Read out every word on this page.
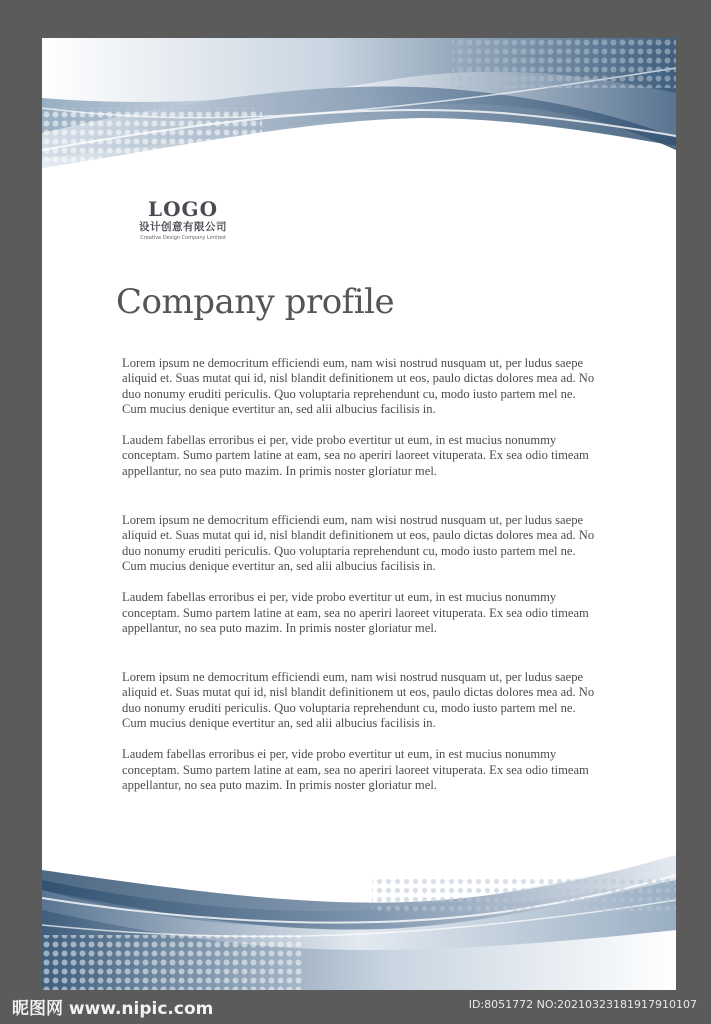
LOGO
设计创意有限公司
Creative Design Company Limited
Company profile

Lorem ipsum ne democritum efficiendi eum, nam wisi nostrud nusquam ut, per ludus saepe aliquid et. Suas mutat qui id, nisl blandit definitionem ut eos, paulo dictas dolores mea ad. No duo nonumy eruditi periculis. Quo voluptaria reprehendunt cu, modo iusto partem mel ne. Cum mucius denique evertitur an, sed alii albucius facilisis in.

Laudem fabellas erroribus ei per, vide probo evertitur ut eum, in est mucius nonummy conceptam. Sumo partem latine at eam, sea no aperiri laoreet vituperata. Ex sea odio timeam appellantur, no sea puto mazim. In primis noster gloriatur mel.

Lorem ipsum ne democritum efficiendi eum, nam wisi nostrud nusquam ut, per ludus saepe aliquid et. Suas mutat qui id, nisl blandit definitionem ut eos, paulo dictas dolores mea ad. No duo nonumy eruditi periculis. Quo voluptaria reprehendunt cu, modo iusto partem mel ne. Cum mucius denique evertitur an, sed alii albucius facilisis in.

Laudem fabellas erroribus ei per, vide probo evertitur ut eum, in est mucius nonummy conceptam. Sumo partem latine at eam, sea no aperiri laoreet vituperata. Ex sea odio timeam appellantur, no sea puto mazim. In primis noster gloriatur mel.

Lorem ipsum ne democritum efficiendi eum, nam wisi nostrud nusquam ut, per ludus saepe aliquid et. Suas mutat qui id, nisl blandit definitionem ut eos, paulo dictas dolores mea ad. No duo nonumy eruditi periculis. Quo voluptaria reprehendunt cu, modo iusto partem mel ne. Cum mucius denique evertitur an, sed alii albucius facilisis in.

Laudem fabellas erroribus ei per, vide probo evertitur ut eum, in est mucius nonummy conceptam. Sumo partem latine at eam, sea no aperiri laoreet vituperata. Ex sea odio timeam appellantur, no sea puto mazim. In primis noster gloriatur mel.

昵图网 www.nipic.com	ID:8051772 NO:20210323181917910107
